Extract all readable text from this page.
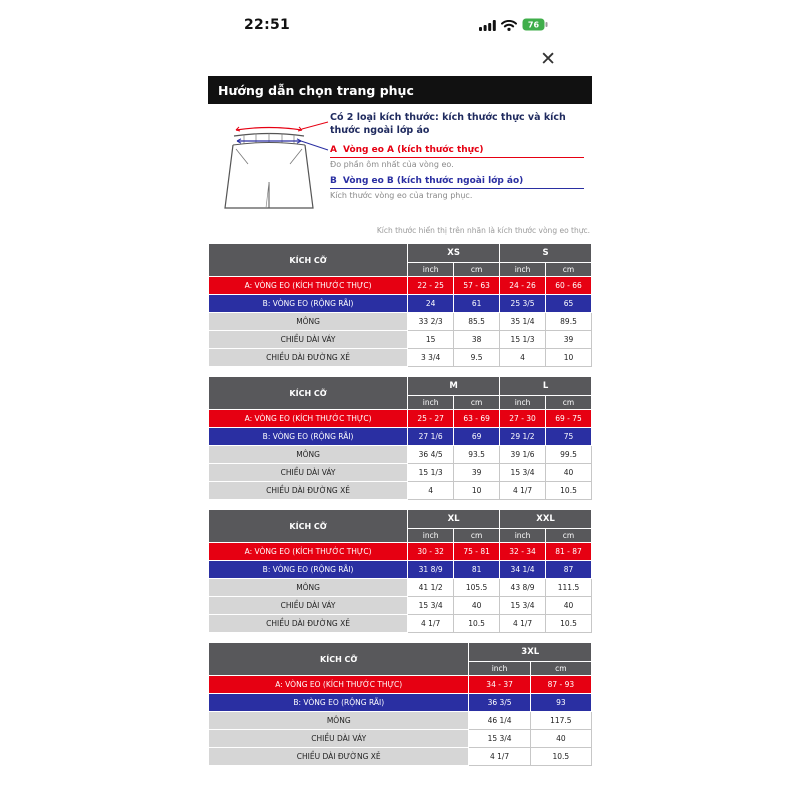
22:51	76
✕
Hướng dẫn chọn trang phục

Có 2 loại kích thước: kích thước thực và kích thước ngoài lớp áo

A Vòng eo A (kích thước thực)
Đo phần ôm nhất của vòng eo.
B Vòng eo B (kích thước ngoài lớp áo)
Kích thước vòng eo của trang phục.
Kích thước hiển thị trên nhãn là kích thước vòng eo thực.
KÍCH CỠ	XS		S	
	inch	cm	inch	cm
A: VÒNG EO (KÍCH THƯỚC THỰC)	22 - 25	57 - 63	24 - 26	60 - 66
B: VÒNG EO (RỘNG RÃI)	24	61	25 3/5	65
MÔNG	33 2/3	85.5	35 1/4	89.5
CHIỀU DÀI VÁY	15	38	15 1/3	39
CHIỀU DÀI ĐƯỜNG XẺ	3 3/4	9.5	4	10
KÍCH CỠ	M		L	
	inch	cm	inch	cm
A: VÒNG EO (KÍCH THƯỚC THỰC)	25 - 27	63 - 69	27 - 30	69 - 75
B: VÒNG EO (RỘNG RÃI)	27 1/6	69	29 1/2	75
MÔNG	36 4/5	93.5	39 1/6	99.5
CHIỀU DÀI VÁY	15 1/3	39	15 3/4	40
CHIỀU DÀI ĐƯỜNG XẺ	4	10	4 1/7	10.5
KÍCH CỠ	XL		XXL	
	inch	cm	inch	cm
A: VÒNG EO (KÍCH THƯỚC THỰC)	30 - 32	75 - 81	32 - 34	81 - 87
B: VÒNG EO (RỘNG RÃI)	31 8/9	81	34 1/4	87
MÔNG	41 1/2	105.5	43 8/9	111.5
CHIỀU DÀI VÁY	15 3/4	40	15 3/4	40
CHIỀU DÀI ĐƯỜNG XẺ	4 1/7	10.5	4 1/7	10.5
KÍCH CỠ	3XL	
	inch	cm
A: VÒNG EO (KÍCH THƯỚC THỰC)	34 - 37	87 - 93
B: VÒNG EO (RỘNG RÃI)	36 3/5	93
MÔNG	46 1/4	117.5
CHIỀU DÀI VÁY	15 3/4	40
CHIỀU DÀI ĐƯỜNG XẺ	4 1/7	10.5
